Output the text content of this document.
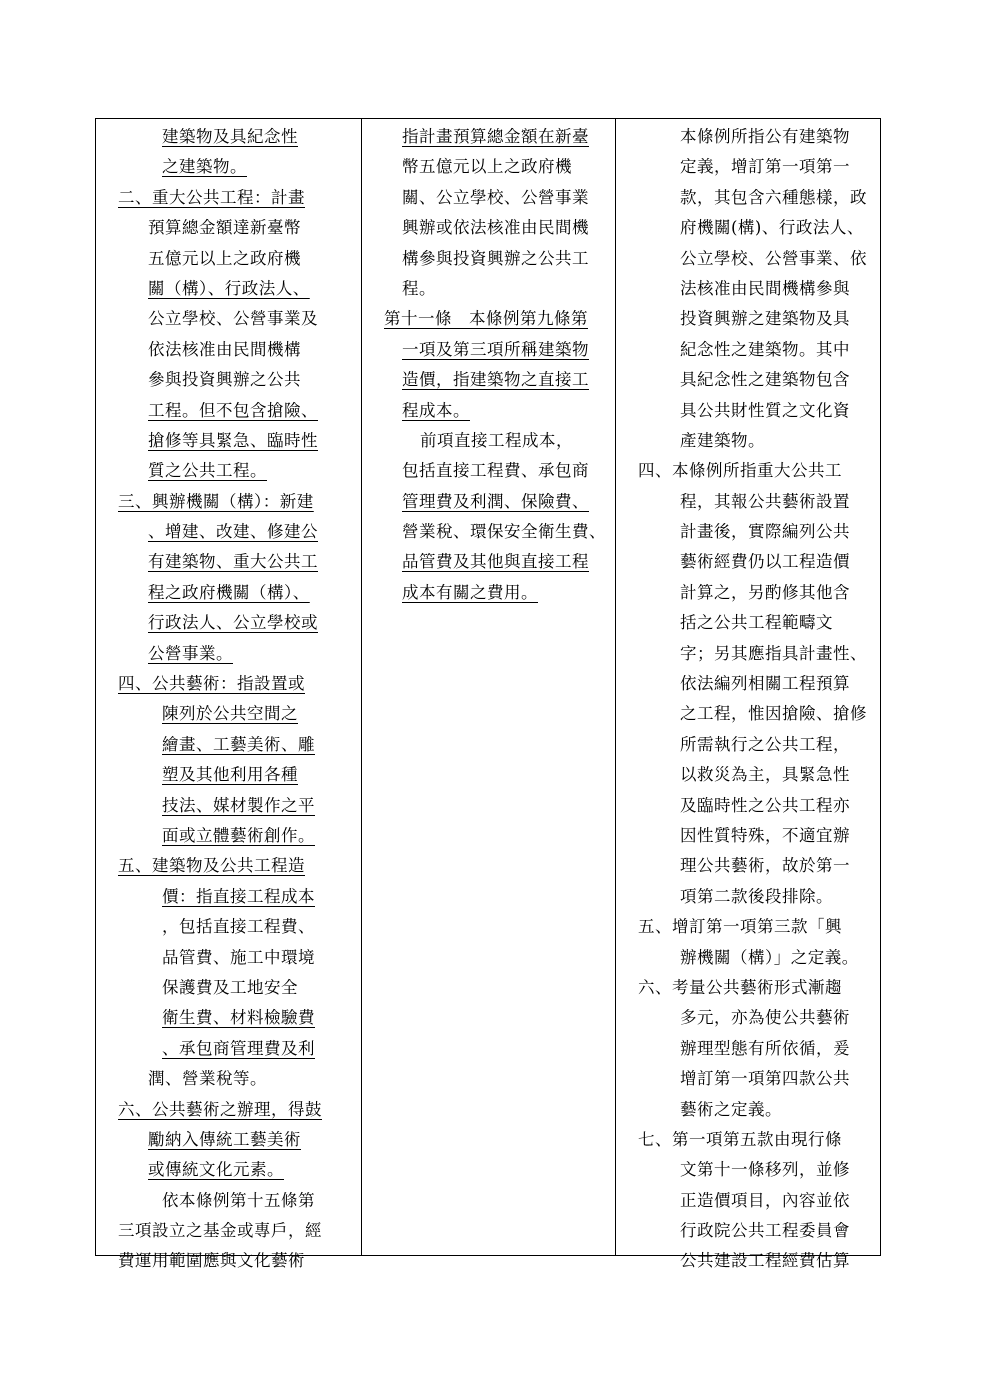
建築物及具紀念性
之建築物。
二、重大公共工程：計畫
預算總金額達新臺幣
五億元以上之政府機
關（構）、行政法人、
公立學校、公營事業及
依法核准由民間機構
參與投資興辦之公共
工程。但不包含搶險、
搶修等具緊急、臨時性
質之公共工程。
三、興辦機關（構）：新建
、增建、改建、修建公
有建築物、重大公共工
程之政府機關（構）、
行政法人、公立學校或
公營事業。
四、公共藝術：指設置或
陳列於公共空間之
繪畫、工藝美術、雕
塑及其他利用各種
技法、媒材製作之平
面或立體藝術創作。
五、建築物及公共工程造
價：指直接工程成本
，包括直接工程費、
品管費、施工中環境
保護費及工地安全
衛生費、材料檢驗費
、承包商管理費及利
潤、營業稅等。
六、公共藝術之辦理，得鼓
勵納入傳統工藝美術
或傳統文化元素。
依本條例第十五條第
三項設立之基金或專戶，經
費運用範圍應與文化藝術
指計畫預算總金額在新臺
幣五億元以上之政府機
關、公立學校、公營事業
興辦或依法核准由民間機
構參與投資興辦之公共工
程。
第十一條　本條例第九條第
一項及第三項所稱建築物
造價，指建築物之直接工
程成本。
前項直接工程成本，
包括直接工程費、承包商
管理費及利潤、保險費、
營業稅、環保安全衛生費、
品管費及其他與直接工程
成本有關之費用。
本條例所指公有建築物
定義，增訂第一項第一
款，其包含六種態樣，政
府機關(構)、行政法人、
公立學校、公營事業、依
法核准由民間機構參與
投資興辦之建築物及具
紀念性之建築物。其中
具紀念性之建築物包含
具公共財性質之文化資
產建築物。
四、本條例所指重大公共工
程，其報公共藝術設置
計畫後，實際編列公共
藝術經費仍以工程造價
計算之，另酌修其他含
括之公共工程範疇文
字；另其應指具計畫性、
依法編列相關工程預算
之工程，惟因搶險、搶修
所需執行之公共工程，
以救災為主，具緊急性
及臨時性之公共工程亦
因性質特殊，不適宜辦
理公共藝術，故於第一
項第二款後段排除。
五、增訂第一項第三款「興
辦機關（構）」之定義。
六、考量公共藝術形式漸趨
多元，亦為使公共藝術
辦理型態有所依循，爰
增訂第一項第四款公共
藝術之定義。
七、第一項第五款由現行條
文第十一條移列，並修
正造價項目，內容並依
行政院公共工程委員會
公共建設工程經費估算
